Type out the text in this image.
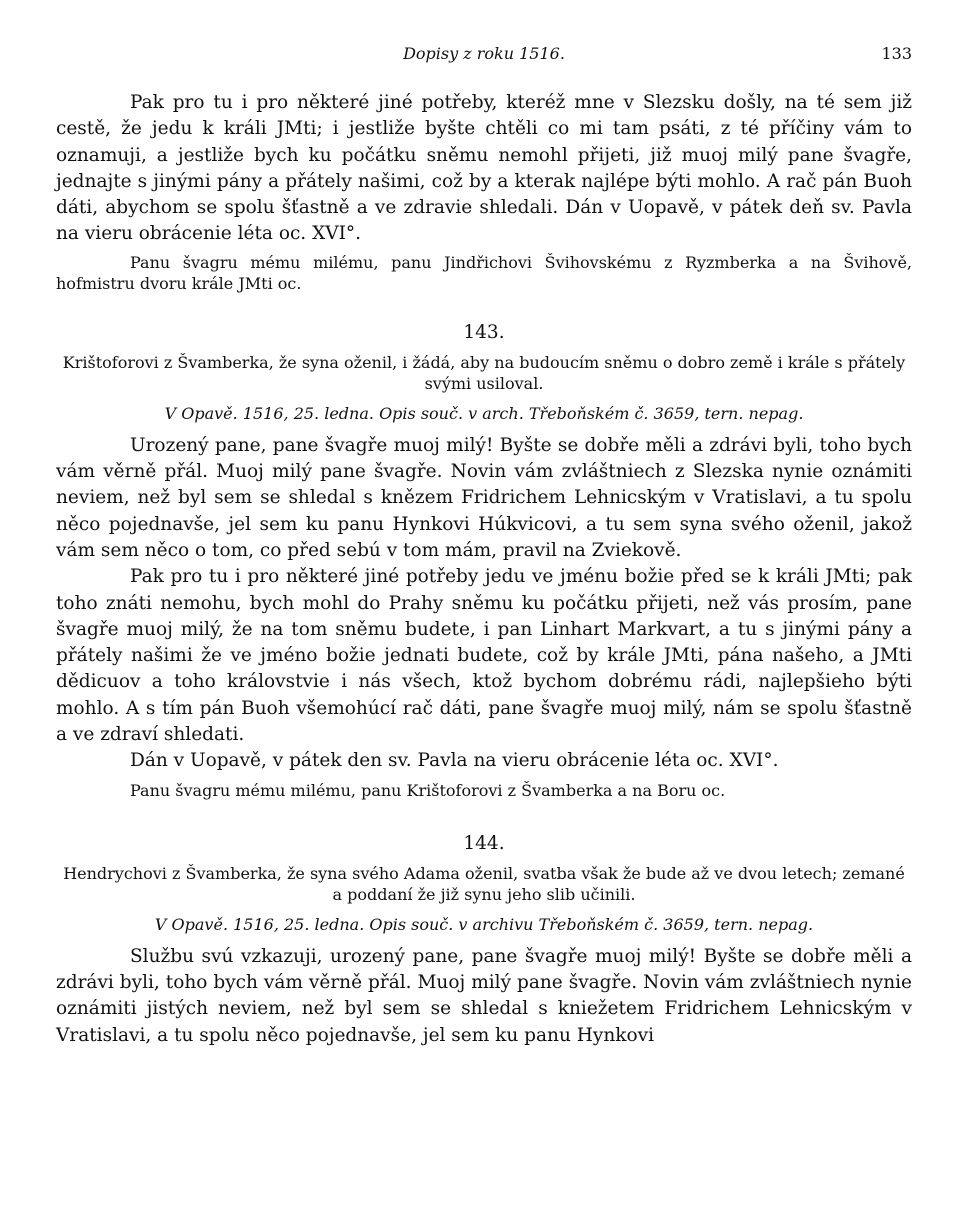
Dopisy z roku 1516.	133

Pak pro tu i pro některé jiné potřeby, kteréž mne v Slezsku došly, na té sem již cestě, že jedu k králi JMti; i jestliže byšte chtěli co mi tam psáti, z té příčiny vám to oznamuji, a jestliže bych ku počátku sněmu nemohl přijeti, již muoj milý pane švagře, jednajte s jinými pány a přátely našimi, což by a kterak najlépe býti mohlo. A rač pán Buoh dáti, abychom se spolu šťastně a ve zdravie shledali. Dán v Uopavě, v pátek deň sv. Pavla na vieru obrácenie léta oc. XVI°.

Panu švagru mému milému, panu Jindřichovi Švihovskému z Ryzmberka a na Švihově, hofmistru dvoru krále JMti oc.

143.

Krištoforovi z Švamberka, že syna oženil, i žádá, aby na budoucím sněmu o dobro země i krále s přátely svými usiloval.

V Opavě. 1516, 25. ledna. Opis souč. v arch. Třeboňském č. 3659, tern. nepag.

Urozený pane, pane švagře muoj milý! Byšte se dobře měli a zdrávi byli, toho bych vám věrně přál. Muoj milý pane švagře. Novin vám zvláštniech z Slezska nynie oznámiti neviem, než byl sem se shledal s knězem Fridrichem Lehnicským v Vratislavi, a tu spolu něco pojednavše, jel sem ku panu Hynkovi Húkvicovi, a tu sem syna svého oženil, jakož vám sem něco o tom, co před sebú v tom mám, pravil na Zviekově.

Pak pro tu i pro některé jiné potřeby jedu ve jménu božie před se k králi JMti; pak toho znáti nemohu, bych mohl do Prahy sněmu ku počátku přijeti, než vás prosím, pane švagře muoj milý, že na tom sněmu budete, i pan Linhart Markvart, a tu s jinými pány a přátely našimi že ve jméno božie jednati budete, což by krále JMti, pána našeho, a JMti dědicuov a toho královstvie i nás všech, ktož bychom dobrému rádi, najlepšieho býti mohlo. A s tím pán Buoh všemohúcí rač dáti, pane švagře muoj milý, nám se spolu šťastně a ve zdraví shledati.

Dán v Uopavě, v pátek den sv. Pavla na vieru obrácenie léta oc. XVI°.

Panu švagru mému milému, panu Krištoforovi z Švamberka a na Boru oc.

144.

Hendrychovi z Švamberka, že syna svého Adama oženil, svatba však že bude až ve dvou letech; zemané a poddaní že již synu jeho slib učinili.

V Opavě. 1516, 25. ledna. Opis souč. v archivu Třeboňském č. 3659, tern. nepag.

Službu svú vzkazuji, urozený pane, pane švagře muoj milý! Byšte se dobře měli a zdrávi byli, toho bych vám věrně přál. Muoj milý pane švagře. Novin vám zvláštniech nynie oznámiti jistých neviem, než byl sem se shledal s kniežetem Fridrichem Lehnicským v Vratislavi, a tu spolu něco pojednavše, jel sem ku panu Hynkovi
